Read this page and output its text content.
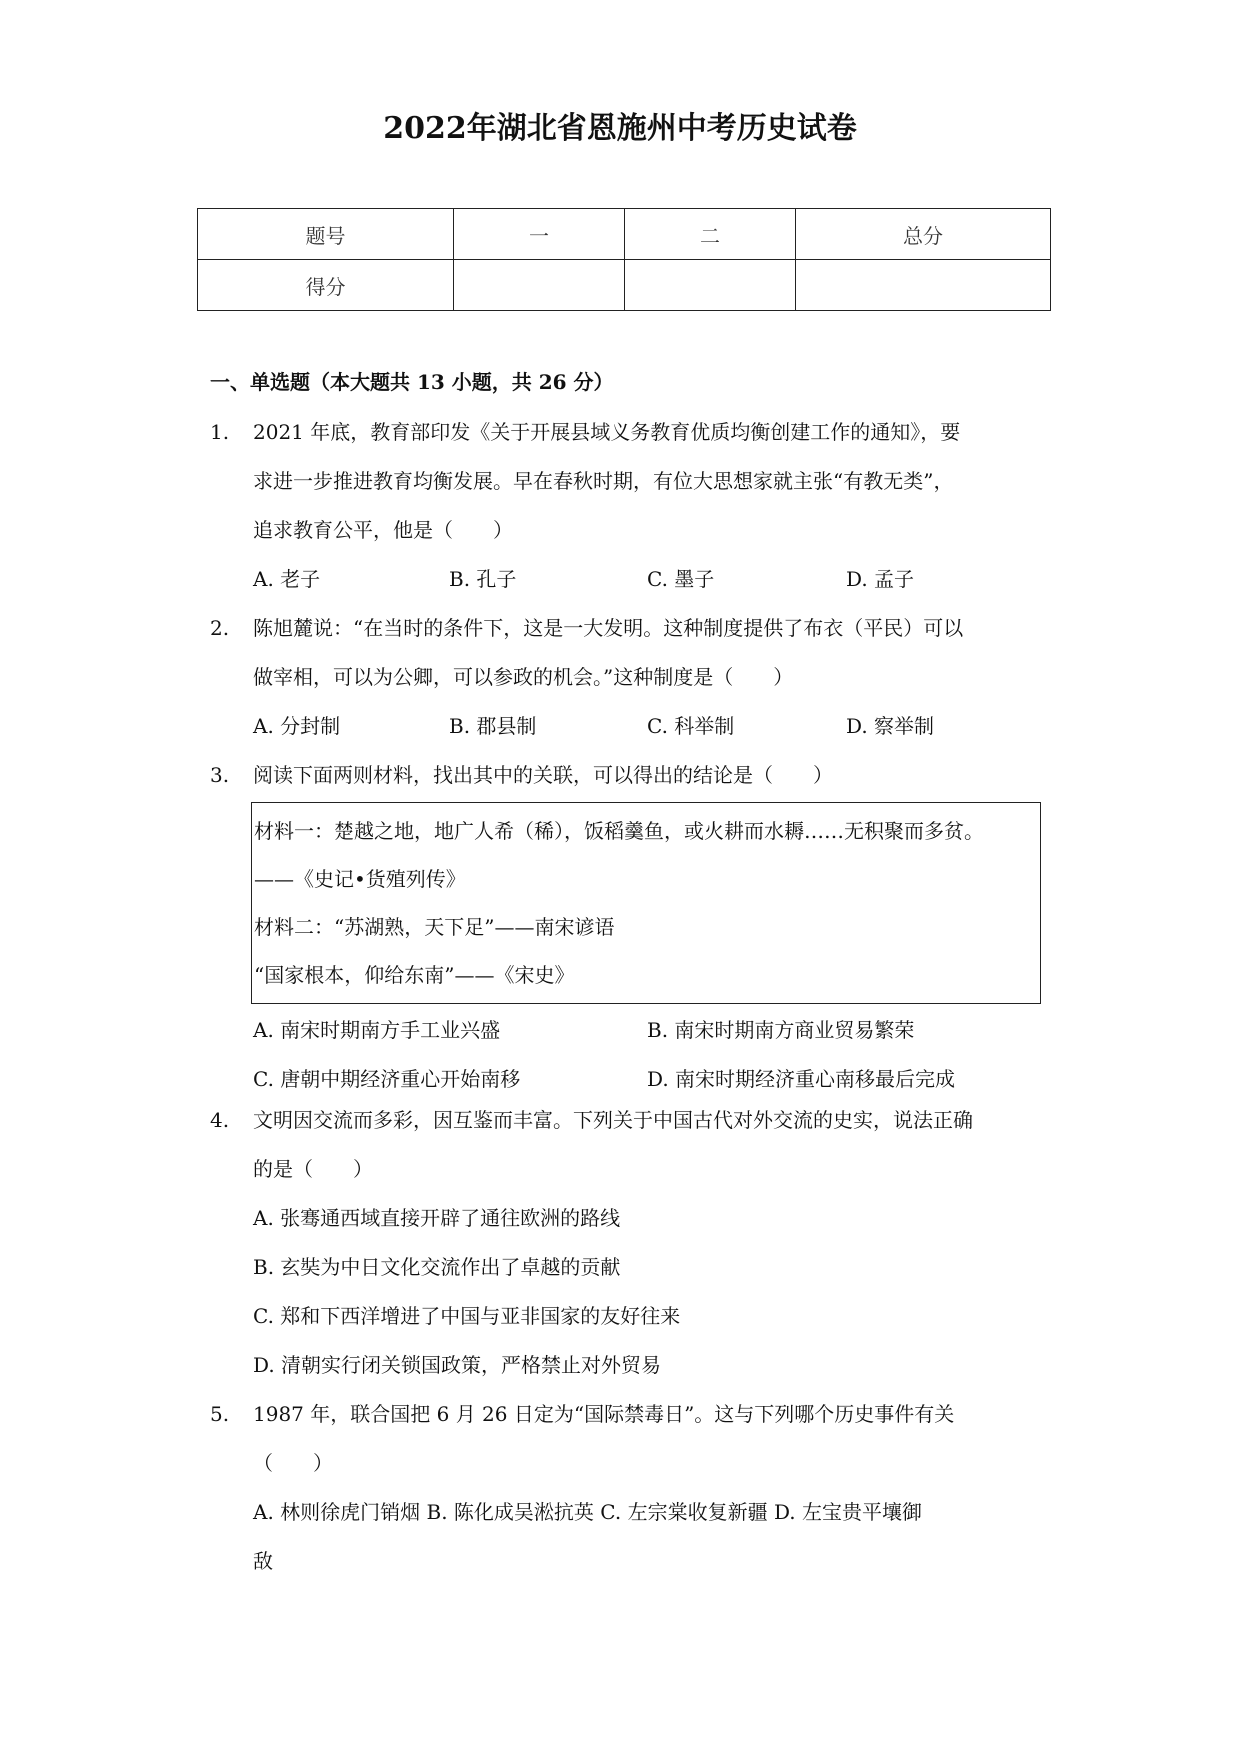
2022年湖北省恩施州中考历史试卷
题号	一	二	总分
得分			
一、单选题（本大题共 13 小题，共 26 分）
1. 2021 年底，教育部印发《关于开展县域义务教育优质均衡创建工作的通知》，要
求进一步推进教育均衡发展。早在春秋时期，有位大思想家就主张“有教无类”，
追求教育公平，他是（　　）
A. 老子	B. 孔子	C. 墨子	D. 孟子
2. 陈旭麓说：“在当时的条件下，这是一大发明。这种制度提供了布衣（平民）可以
做宰相，可以为公卿，可以参政的机会。”这种制度是（　　）
A. 分封制	B. 郡县制	C. 科举制	D. 察举制
3. 阅读下面两则材料，找出其中的关联，可以得出的结论是（　　）
材料一：楚越之地，地广人希（稀），饭稻羹鱼，或火耕而水耨……无积聚而多贫。
——《史记•货殖列传》
材料二：“苏湖熟，天下足”——南宋谚语
“国家根本，仰给东南”——《宋史》
A. 南宋时期南方手工业兴盛	B. 南宋时期南方商业贸易繁荣
C. 唐朝中期经济重心开始南移	D. 南宋时期经济重心南移最后完成
4. 文明因交流而多彩，因互鉴而丰富。下列关于中国古代对外交流的史实，说法正确
的是（　　）
A. 张骞通西域直接开辟了通往欧洲的路线
B. 玄奘为中日文化交流作出了卓越的贡献
C. 郑和下西洋增进了中国与亚非国家的友好往来
D. 清朝实行闭关锁国政策，严格禁止对外贸易
5. 1987 年，联合国把 6 月 26 日定为“国际禁毒日”。这与下列哪个历史事件有关
（　　）
A. 林则徐虎门销烟 B. 陈化成吴淞抗英 C. 左宗棠收复新疆 D. 左宝贵平壤御
敌
